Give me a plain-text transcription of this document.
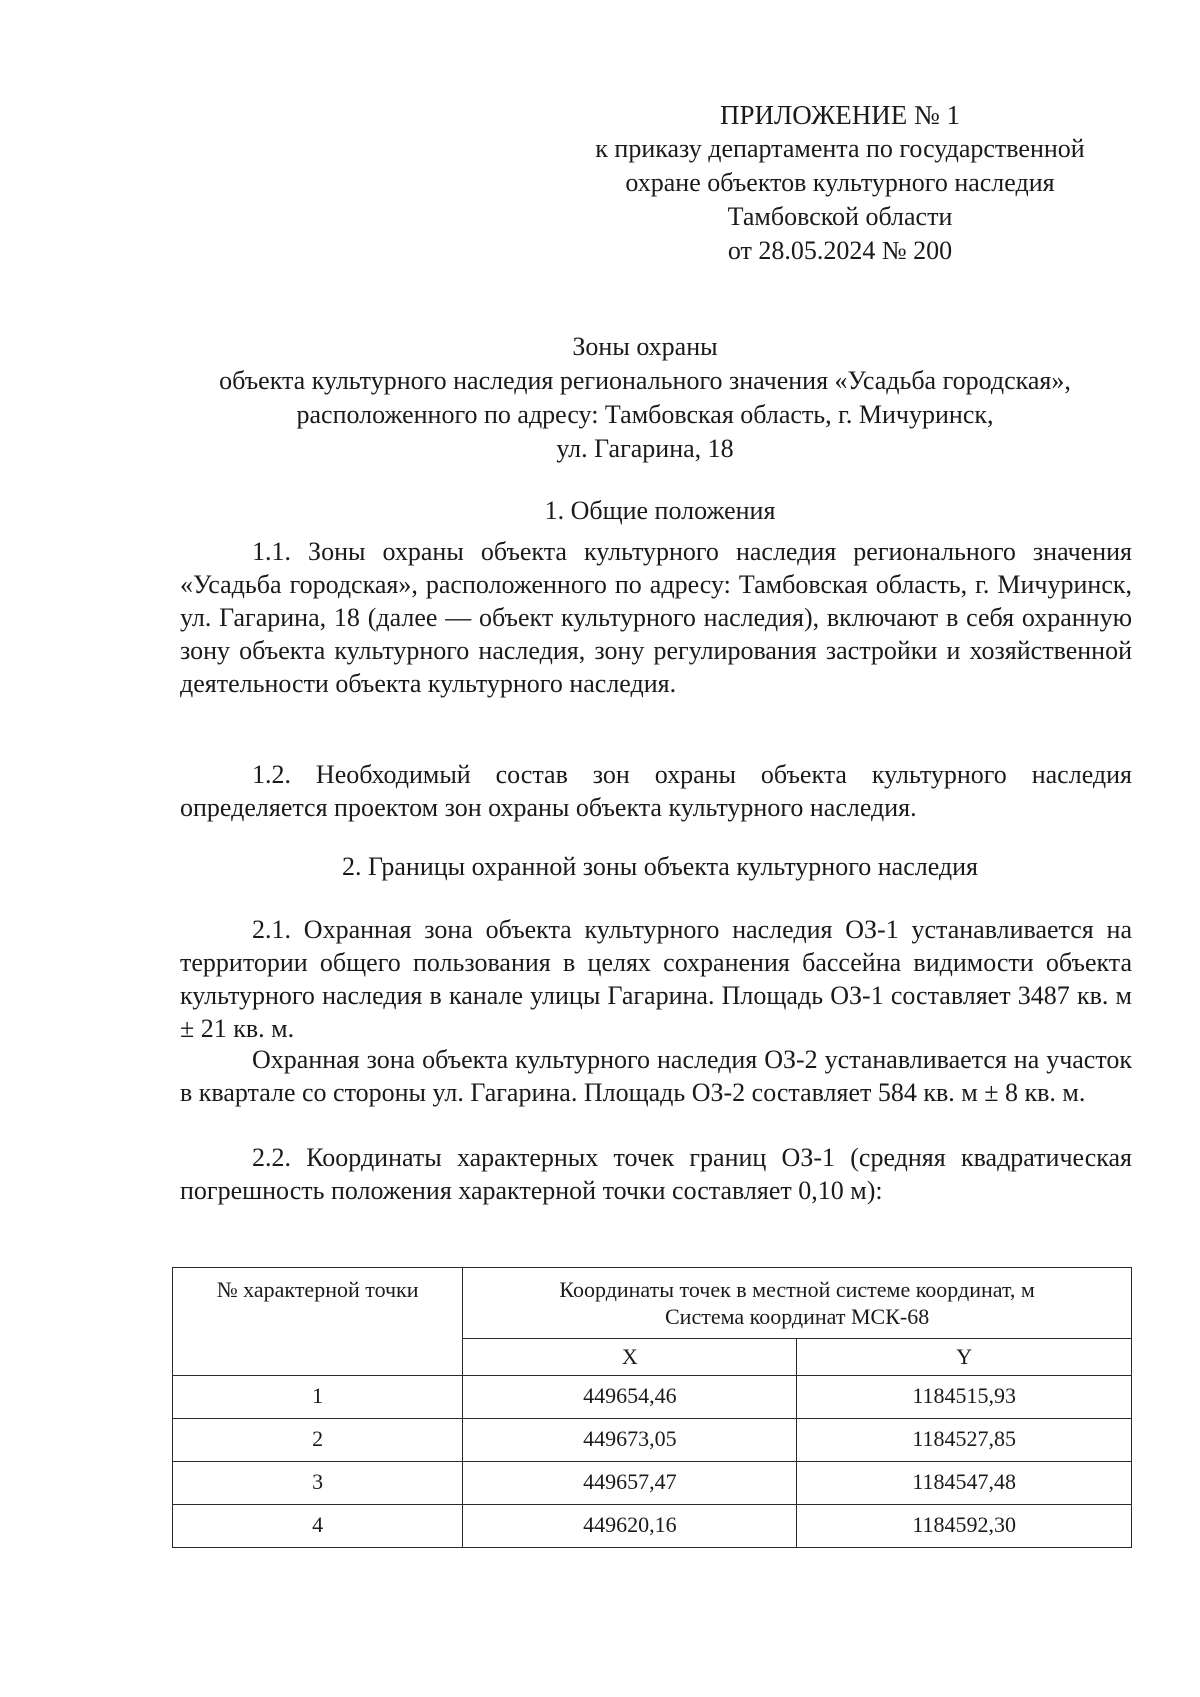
ПРИЛОЖЕНИЕ № 1
к приказу департамента по государственной
охране объектов культурного наследия
Тамбовской области
от 28.05.2024 № 200
Зоны охраны
объекта культурного наследия регионального значения «Усадьба городская»,
расположенного по адресу: Тамбовская область, г. Мичуринск,
ул. Гагарина, 18
1. Общие положения

1.1. Зоны охраны объекта культурного наследия регионального значения «Усадьба городская», расположенного по адресу: Тамбовская область, г. Мичуринск, ул. Гагарина, 18 (далее — объект культурного наследия), включают в себя охранную зону объекта культурного наследия, зону регулирования застройки и хозяйственной деятельности объекта культурного наследия.

1.2. Необходимый состав зон охраны объекта культурного наследия определяется проектом зон охраны объекта культурного наследия.

2. Границы охранной зоны объекта культурного наследия

2.1. Охранная зона объекта культурного наследия ОЗ-1 устанавливается на территории общего пользования в целях сохранения бассейна видимости объекта культурного наследия в канале улицы Гагарина. Площадь ОЗ-1 составляет 3487 кв. м ± 21 кв. м.

Охранная зона объекта культурного наследия ОЗ-2 устанавливается на участок в квартале со стороны ул. Гагарина. Площадь ОЗ-2 составляет 584 кв. м ± 8 кв. м.

2.2. Координаты характерных точек границ ОЗ-1 (средняя квадратическая погрешность положения характерной точки составляет 0,10 м):

№ характерной точки	Координаты точек в местной системе координат, м
Система координат МСК-68	

	X	Y
1	449654,46	1184515,93
2	449673,05	1184527,85
3	449657,47	1184547,48
4	449620,16	1184592,30
